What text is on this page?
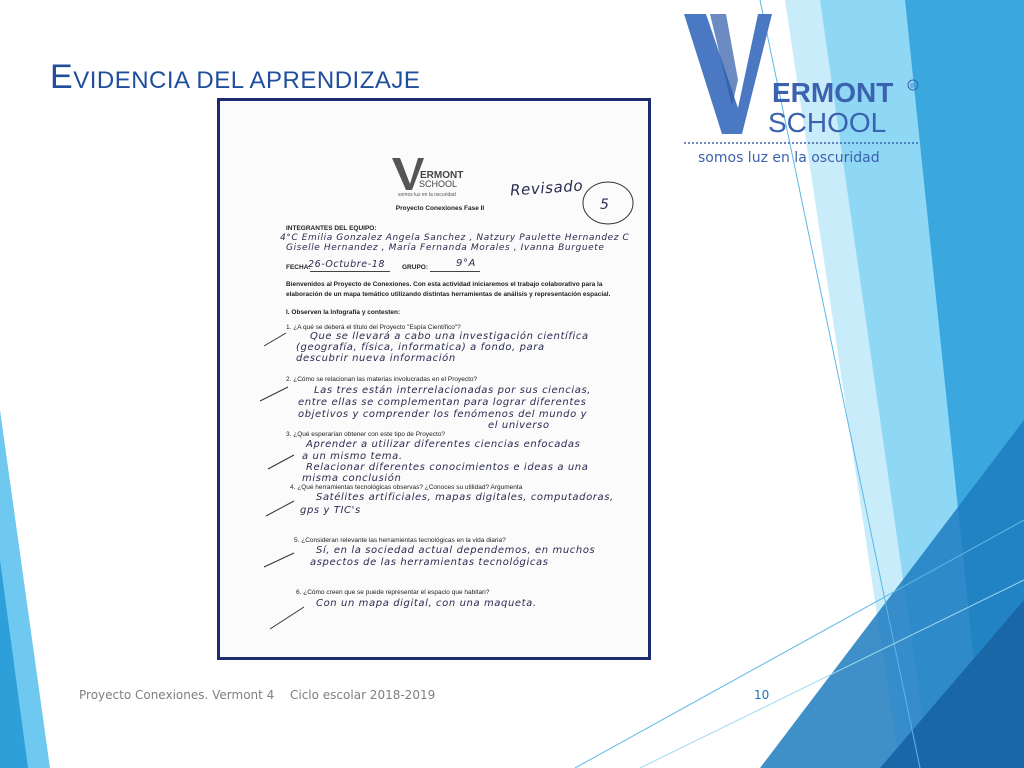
EVIDENCIA DEL APRENDIZAJE	ERMONT
SCHOOL
®
somos luz en la oscuridad
ERMONT
SCHOOL
somos luz en la oscuridad	Revisado
5
Proyecto Conexiones Fase II
INTEGRANTES DEL EQUIPO:
4°C Emilia Gonzalez Angela Sanchez , Natzury Paulette Hernandez C
Giselle Hernandez , María Fernanda Morales , Ivanna Burguete
FECHA:
26-Octubre-18	GRUPO:	9°A
Bienvenidos al Proyecto de Conexiones. Con esta actividad iniciaremos el trabajo colaborativo para la
elaboración de un mapa temático utilizando distintas herramientas de análisis y representación espacial.
I. Observen la Infografía y contesten:
1. ¿A qué se deberá el título del Proyecto "Espía Científico"?
Que se llevará a cabo una investigación científica
(geografía, física, informatica) a fondo, para
descubrir nueva información
2. ¿Cómo se relacionan las materias involucradas en el Proyecto?
Las tres están interrelacionadas por sus ciencias,
entre ellas se complementan para lograr diferentes
objetivos y comprender los fenómenos del mundo y
el universo
3. ¿Qué esperarían obtener con este tipo de Proyecto?
Aprender a utilizar diferentes ciencias enfocadas
a un mismo tema.
Relacionar diferentes conocimientos e ideas a una
misma conclusión
4. ¿Qué herramientas tecnológicas observas? ¿Conoces su utilidad? Argumenta
Satélites artificiales, mapas digitales, computadoras,
gps y TIC's
5. ¿Consideran relevante las herramientas tecnológicas en la vida diaria?
Sí, en la sociedad actual dependemos, en muchos
aspectos de las herramientas tecnológicas
6. ¿Cómo creen que se puede representar el espacio que habitan?
Con un mapa digital, con una maqueta.
Proyecto Conexiones. Vermont 4 Ciclo escolar 2018-2019	10
